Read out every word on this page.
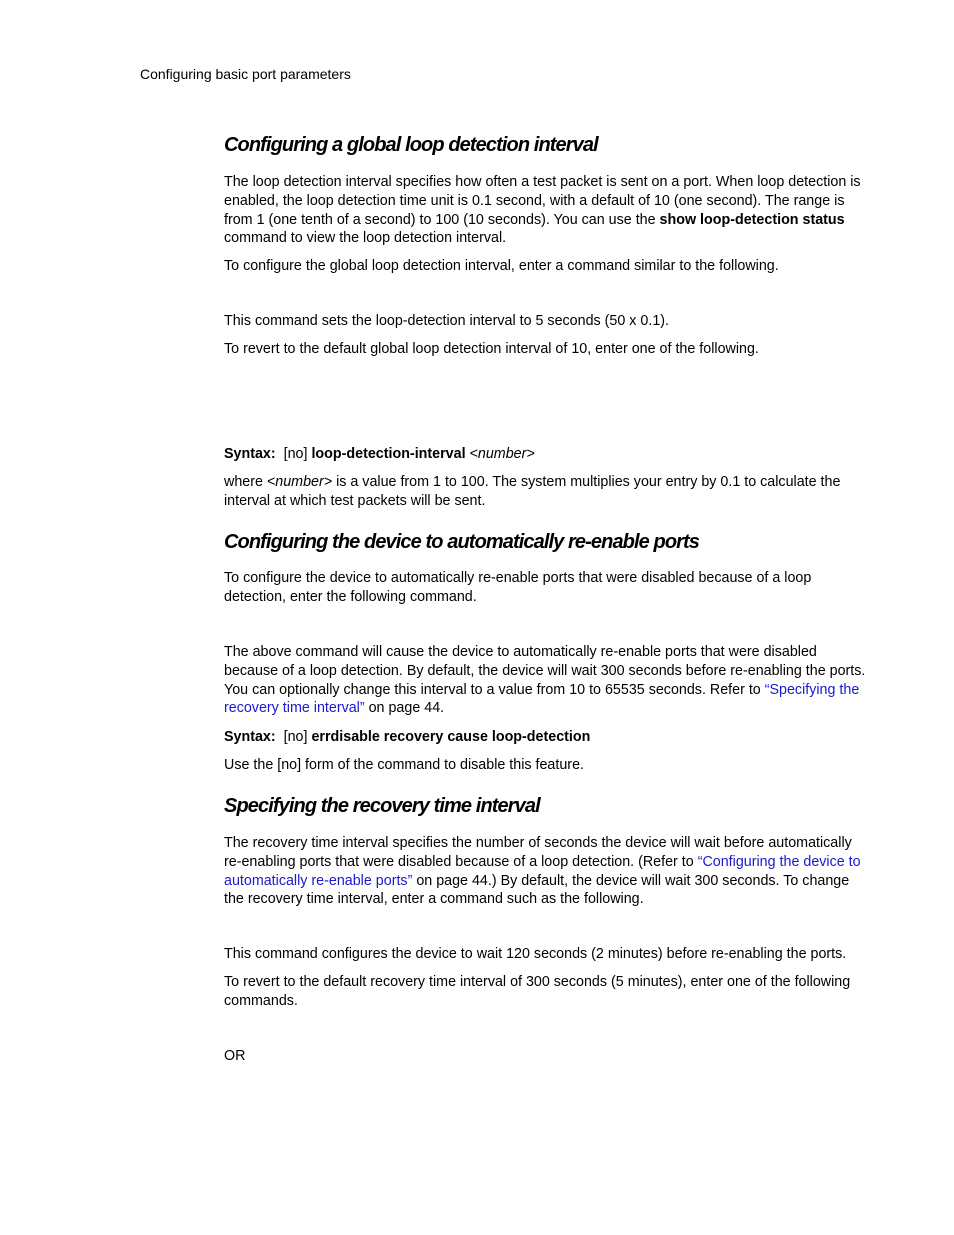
Configuring basic port parameters
Configuring a global loop detection interval

The loop detection interval specifies how often a test packet is sent on a port. When loop detection is enabled, the loop detection time unit is 0.1 second, with a default of 10 (one second). The range is from 1 (one tenth of a second) to 100 (10 seconds). You can use the show loop-detection status command to view the loop detection interval.

To configure the global loop detection interval, enter a command similar to the following.

This command sets the loop-detection interval to 5 seconds (50 x 0.1).

To revert to the default global loop detection interval of 10, enter one of the following.

Syntax: [no] loop-detection-interval <number>

where <number> is a value from 1 to 100. The system multiplies your entry by 0.1 to calculate the interval at which test packets will be sent.

Configuring the device to automatically re-enable ports

To configure the device to automatically re-enable ports that were disabled because of a loop detection, enter the following command.

The above command will cause the device to automatically re-enable ports that were disabled because of a loop detection. By default, the device will wait 300 seconds before re-enabling the ports. You can optionally change this interval to a value from 10 to 65535 seconds. Refer to “Specifying the recovery time interval” on page 44.

Syntax: [no] errdisable recovery cause loop-detection

Use the [no] form of the command to disable this feature.

Specifying the recovery time interval

The recovery time interval specifies the number of seconds the device will wait before automatically re-enabling ports that were disabled because of a loop detection. (Refer to “Configuring the device to automatically re-enable ports” on page 44.) By default, the device will wait 300 seconds. To change the recovery time interval, enter a command such as the following.

This command configures the device to wait 120 seconds (2 minutes) before re-enabling the ports.

To revert to the default recovery time interval of 300 seconds (5 minutes), enter one of the following commands.

OR
